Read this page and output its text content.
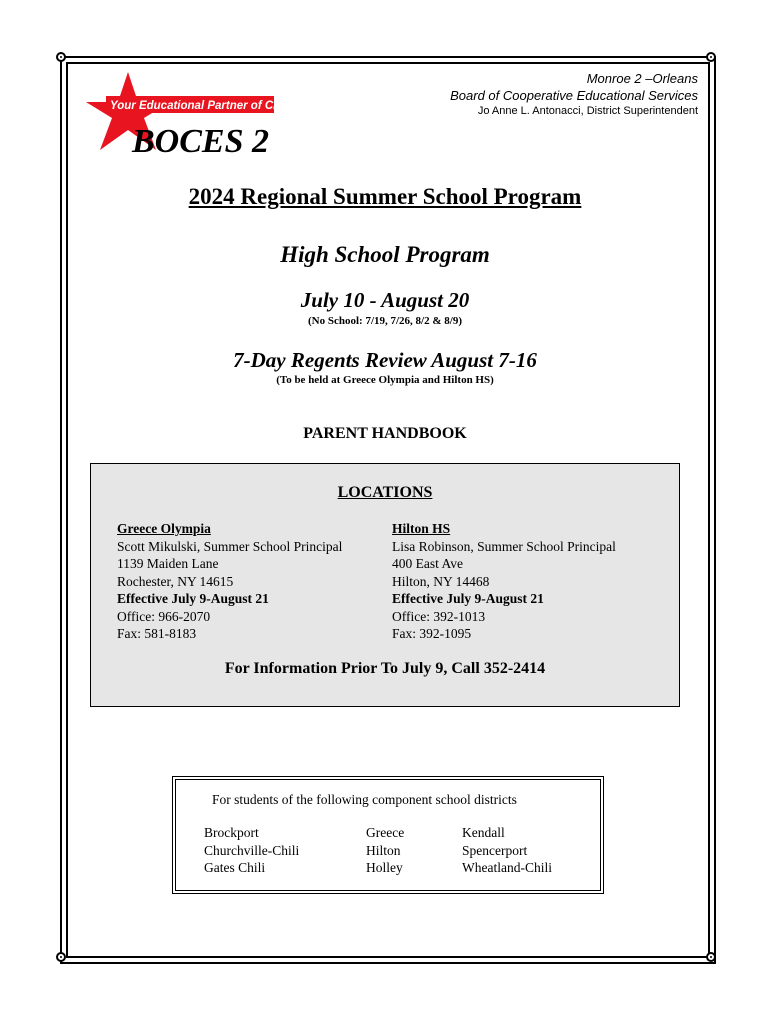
Your Educational Partner of Choice
BOCES 2
Monroe 2 –Orleans
Board of Cooperative Educational Services
Jo Anne L. Antonacci, District Superintendent
2024 Regional Summer School Program
High School Program
July 10 - August 20
(No School: 7/19, 7/26, 8/2 & 8/9)
7-Day Regents Review August 7-16
(To be held at Greece Olympia and Hilton HS)
PARENT HANDBOOK
LOCATIONS
Greece Olympia
Scott Mikulski, Summer School Principal
1139 Maiden Lane
Rochester, NY 14615
Effective July 9-August 21
Office: 966-2070
Fax: 581-8183
Hilton HS
Lisa Robinson, Summer School Principal
400 East Ave
Hilton, NY 14468
Effective July 9-August 21
Office: 392-1013
Fax: 392-1095
For Information Prior To July 9, Call 352-2414
For students of the following component school districts
Brockport
Churchville-Chili
Gates Chili
Greece
Hilton
Holley
Kendall
Spencerport
Wheatland-Chili
